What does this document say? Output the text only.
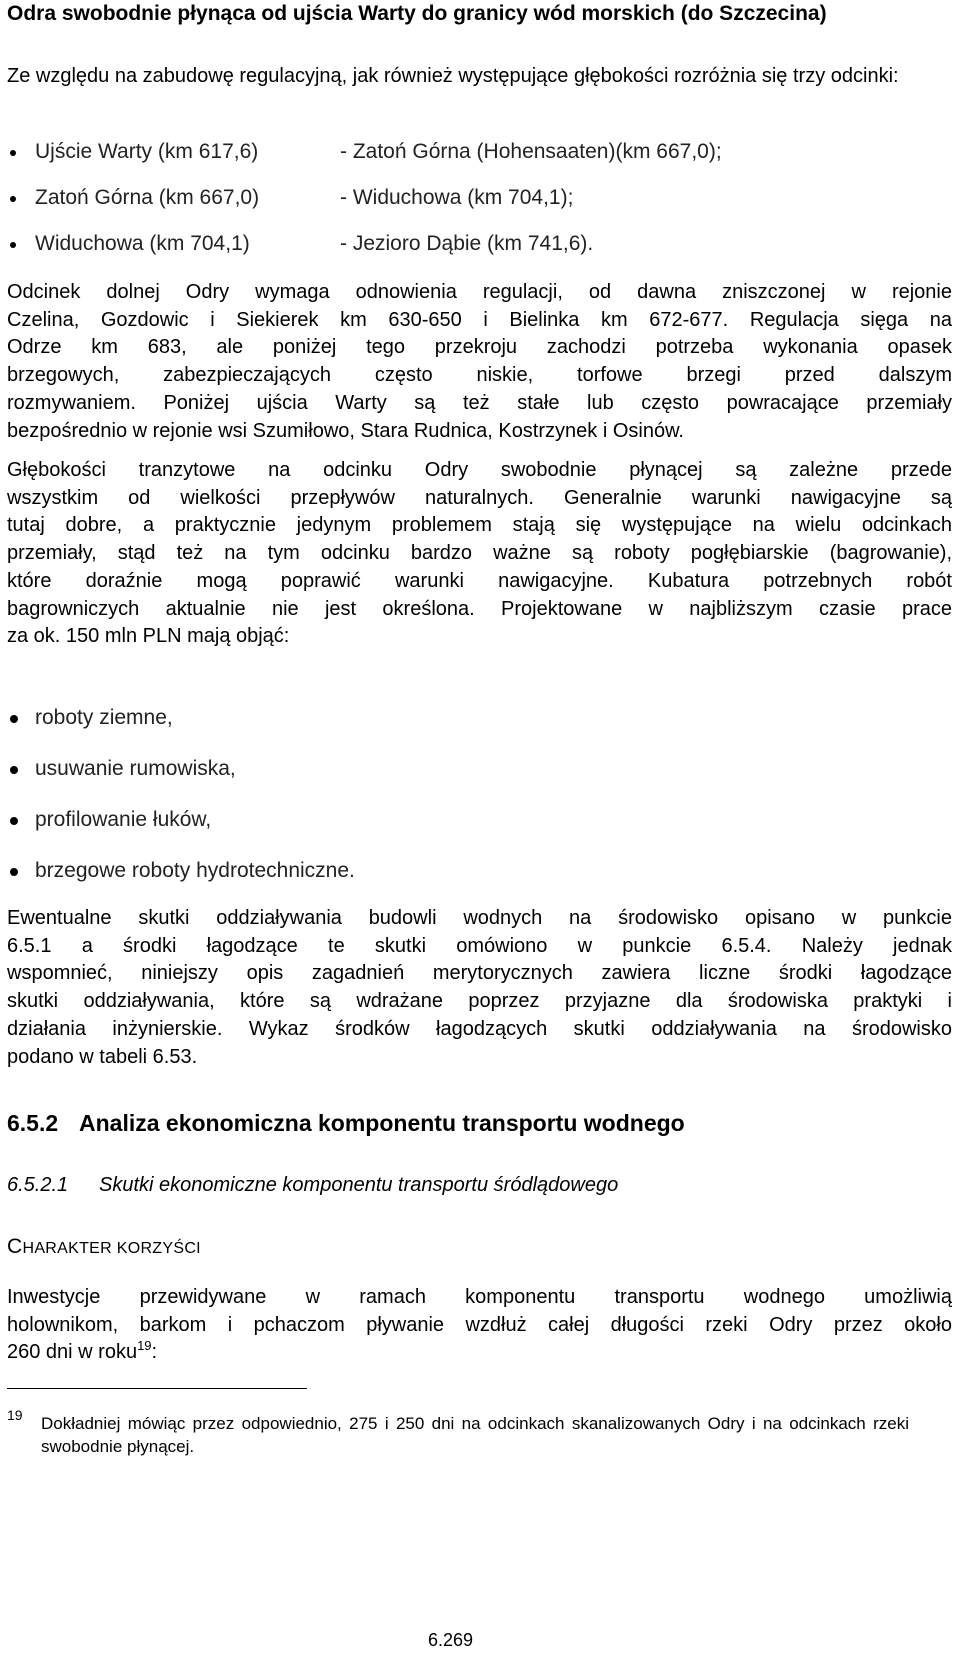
Odra swobodnie płynąca od ujścia Warty do granicy wód morskich (do Szczecina)
Ze względu na zabudowę regulacyjną, jak również występujące głębokości rozróżnia się trzy odcinki:
Ujście Warty (km 617,6)	- Zatoń Górna (Hohensaaten)(km 667,0);
Zatoń Górna (km 667,0)	- Widuchowa (km 704,1);
Widuchowa (km 704,1)	- Jezioro Dąbie (km 741,6).
Odcinek dolnej Odry wymaga odnowienia regulacji, od dawna zniszczonej w rejonie
Czelina, Gozdowic i Siekierek km 630-650 i Bielinka km 672-677. Regulacja sięga na
Odrze km 683, ale poniżej tego przekroju zachodzi potrzeba wykonania opasek
brzegowych, zabezpieczających często niskie, torfowe brzegi przed dalszym
rozmywaniem. Poniżej ujścia Warty są też stałe lub często powracające przemiały
bezpośrednio w rejonie wsi Szumiłowo, Stara Rudnica, Kostrzynek i Osinów.
Głębokości tranzytowe na odcinku Odry swobodnie płynącej są zależne przede
wszystkim od wielkości przepływów naturalnych. Generalnie warunki nawigacyjne są
tutaj dobre, a praktycznie jedynym problemem stają się występujące na wielu odcinkach
przemiały, stąd też na tym odcinku bardzo ważne są roboty pogłębiarskie (bagrowanie),
które doraźnie mogą poprawić warunki nawigacyjne. Kubatura potrzebnych robót
bagrowniczych aktualnie nie jest określona. Projektowane w najbliższym czasie prace
za ok. 150 mln PLN mają objąć:
roboty ziemne,
usuwanie rumowiska,
profilowanie łuków,
brzegowe roboty hydrotechniczne.
Ewentualne skutki oddziaływania budowli wodnych na środowisko opisano w punkcie
6.5.1 a środki łagodzące te skutki omówiono w punkcie 6.5.4. Należy jednak
wspomnieć, niniejszy opis zagadnień merytorycznych zawiera liczne środki łagodzące
skutki oddziaływania, które są wdrażane poprzez przyjazne dla środowiska praktyki i
działania inżynierskie. Wykaz środków łagodzących skutki oddziaływania na środowisko
podano w tabeli 6.53.
6.5.2 Analiza ekonomiczna komponentu transportu wodnego
6.5.2.1 Skutki ekonomiczne komponentu transportu śródlądowego
CHARAKTER KORZYŚCI
Inwestycje przewidywane w ramach komponentu transportu wodnego umożliwią
holownikom, barkom i pchaczom pływanie wzdłuż całej długości rzeki Odry przez około
260 dni w roku$^{19}$:
19 Dokładniej mówiąc przez odpowiednio, 275 i 250 dni na odcinkach skanalizowanych Odry i na odcinkach rzeki swobodnie płynącej.
6.269
